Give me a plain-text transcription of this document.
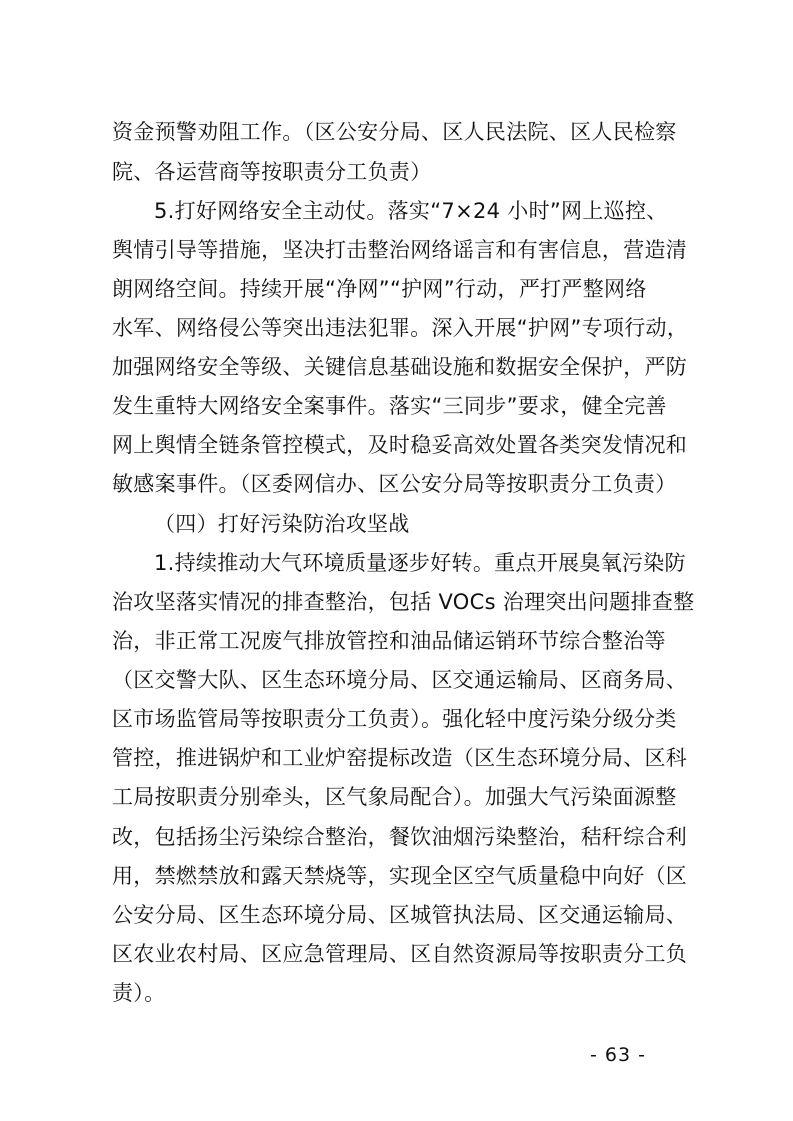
资金预警劝阻工作。（区公安分局、区人民法院、区人民检察
院、各运营商等按职责分工负责）
5.打好网络安全主动仗。落实“7×24 小时”网上巡控、
舆情引导等措施，坚决打击整治网络谣言和有害信息，营造清
朗网络空间。持续开展“净网”“护网”行动，严打严整网络
水军、网络侵公等突出违法犯罪。深入开展“护网”专项行动，
加强网络安全等级、关键信息基础设施和数据安全保护，严防
发生重特大网络安全案事件。落实“三同步”要求，健全完善
网上舆情全链条管控模式，及时稳妥高效处置各类突发情况和
敏感案事件。（区委网信办、区公安分局等按职责分工负责）
（四）打好污染防治攻坚战
1.持续推动大气环境质量逐步好转。重点开展臭氧污染防
治攻坚落实情况的排查整治，包括 VOCs 治理突出问题排查整
治，非正常工况废气排放管控和油品储运销环节综合整治等
（区交警大队、区生态环境分局、区交通运输局、区商务局、
区市场监管局等按职责分工负责）。强化轻中度污染分级分类
管控，推进锅炉和工业炉窑提标改造（区生态环境分局、区科
工局按职责分别牵头，区气象局配合）。加强大气污染面源整
改，包括扬尘污染综合整治，餐饮油烟污染整治，秸秆综合利
用，禁燃禁放和露天禁烧等，实现全区空气质量稳中向好（区
公安分局、区生态环境分局、区城管执法局、区交通运输局、
区农业农村局、区应急管理局、区自然资源局等按职责分工负
责）。
- 63 -
